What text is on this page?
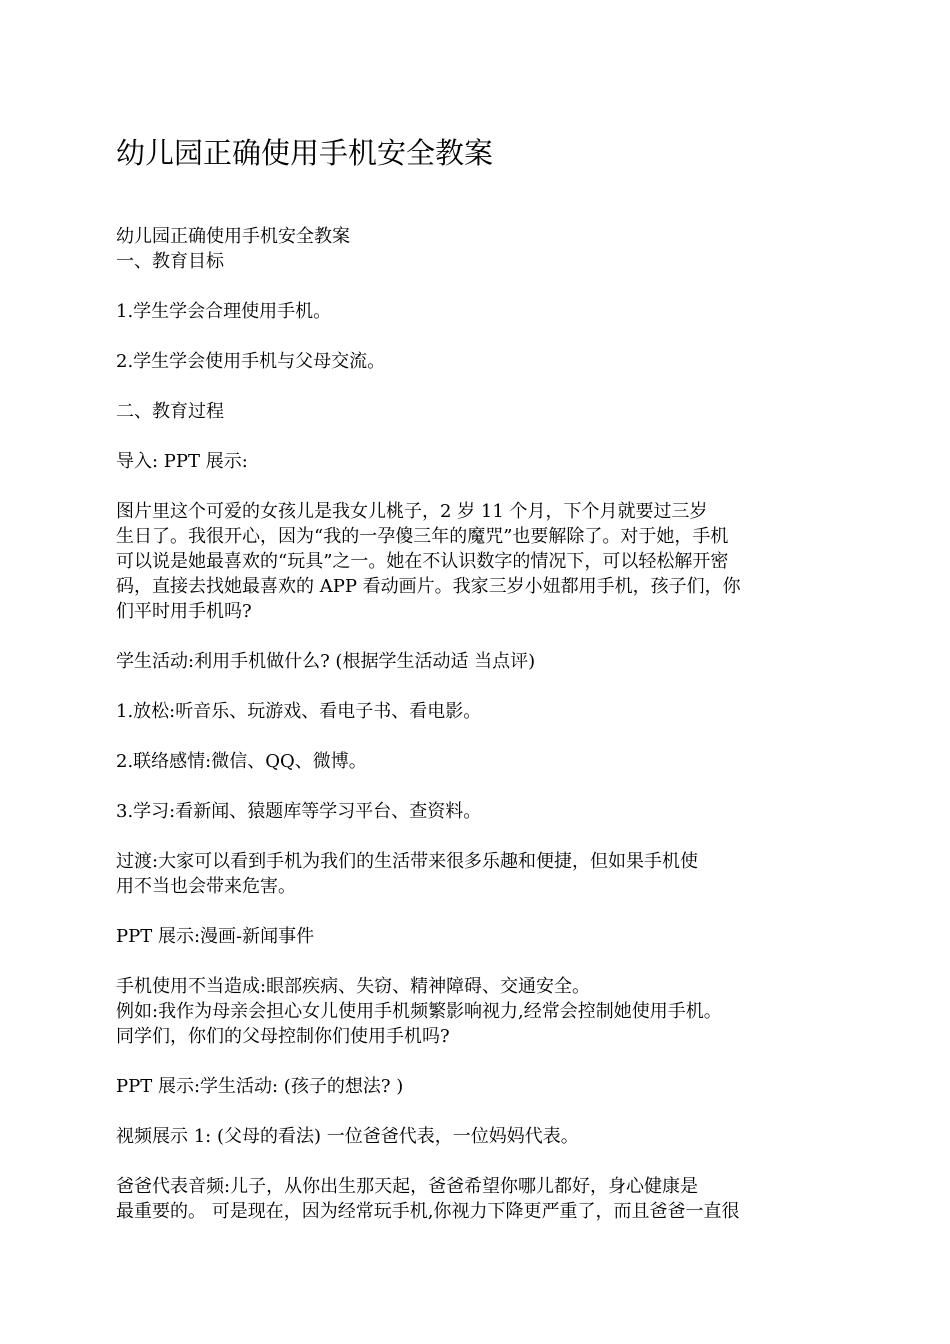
幼儿园正确使用手机安全教案
幼儿园正确使用手机安全教案
一、教育目标
1.学生学会合理使用手机。
2.学生学会使用手机与父母交流。
二、教育过程
导入: PPT 展示:
图片里这个可爱的女孩儿是我女儿桃子，2 岁 11 个月，下个月就要过三岁
生日了。我很开心，因为“我的一孕傻三年的魔咒”也要解除了。对于她，手机
可以说是她最喜欢的“玩具”之一。她在不认识数字的情况下，可以轻松解开密
码，直接去找她最喜欢的 APP 看动画片。我家三岁小妞都用手机，孩子们，你
们平时用手机吗?
学生活动:利用手机做什么? (根据学生活动适 当点评)
1.放松:听音乐、玩游戏、看电子书、看电影。
2.联络感情:微信、QQ、微博。
3.学习:看新闻、猿题库等学习平台、查资料。
过渡:大家可以看到手机为我们的生活带来很多乐趣和便捷，但如果手机使
用不当也会带来危害。
PPT 展示:漫画-新闻事件
手机使用不当造成:眼部疾病、失窃、精神障碍、交通安全。
例如:我作为母亲会担心女儿使用手机频繁影响视力,经常会控制她使用手机。
同学们，你们的父母控制你们使用手机吗?
PPT 展示:学生活动: (孩子的想法? )
视频展示 1: (父母的看法) 一位爸爸代表，一位妈妈代表。
爸爸代表音频:儿子，从你出生那天起，爸爸希望你哪儿都好，身心健康是
最重要的。 可是现在，因为经常玩手机,你视力下降更严重了，而且爸爸一直很
